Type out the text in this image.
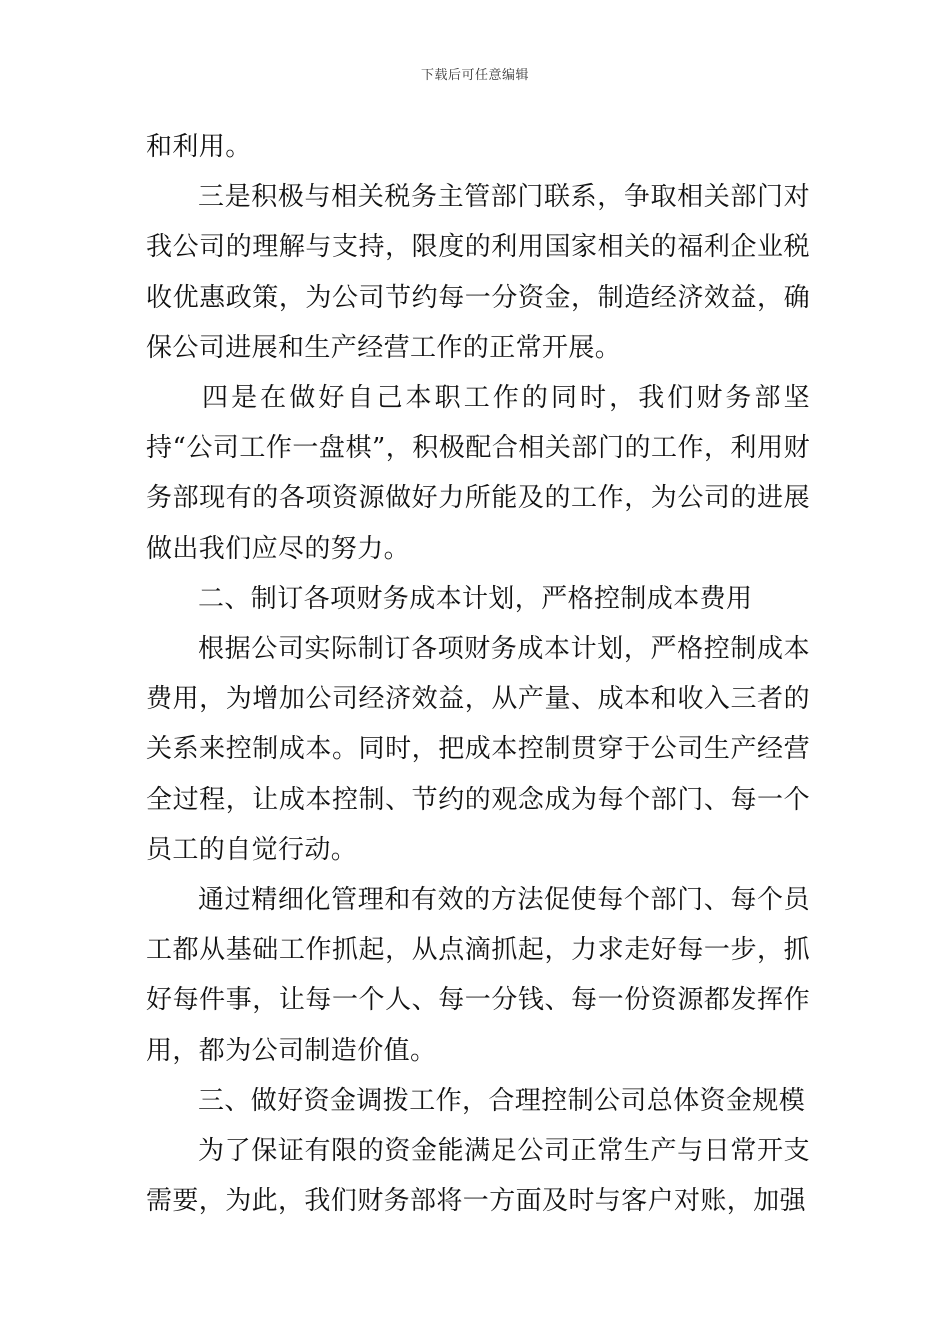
下载后可任意编辑

和利用。

三是积极与相关税务主管部门联系，争取相关部门对我公司的理解与支持，限度的利用国家相关的福利企业税收优惠政策，为公司节约每一分资金，制造经济效益，确保公司进展和生产经营工作的正常开展。

四是在做好自己本职工作的同时，我们财务部坚持“公司工作一盘棋”，积极配合相关部门的工作，利用财务部现有的各项资源做好力所能及的工作，为公司的进展做出我们应尽的努力。

二、制订各项财务成本计划，严格控制成本费用

根据公司实际制订各项财务成本计划，严格控制成本费用，为增加公司经济效益，从产量、成本和收入三者的关系来控制成本。同时，把成本控制贯穿于公司生产经营全过程，让成本控制、节约的观念成为每个部门、每一个员工的自觉行动。

通过精细化管理和有效的方法促使每个部门、每个员工都从基础工作抓起，从点滴抓起，力求走好每一步，抓好每件事，让每一个人、每一分钱、每一份资源都发挥作用，都为公司制造价值。

三、做好资金调拨工作，合理控制公司总体资金规模

为了保证有限的资金能满足公司正常生产与日常开支需要，为此，我们财务部将一方面及时与客户对账，加强
